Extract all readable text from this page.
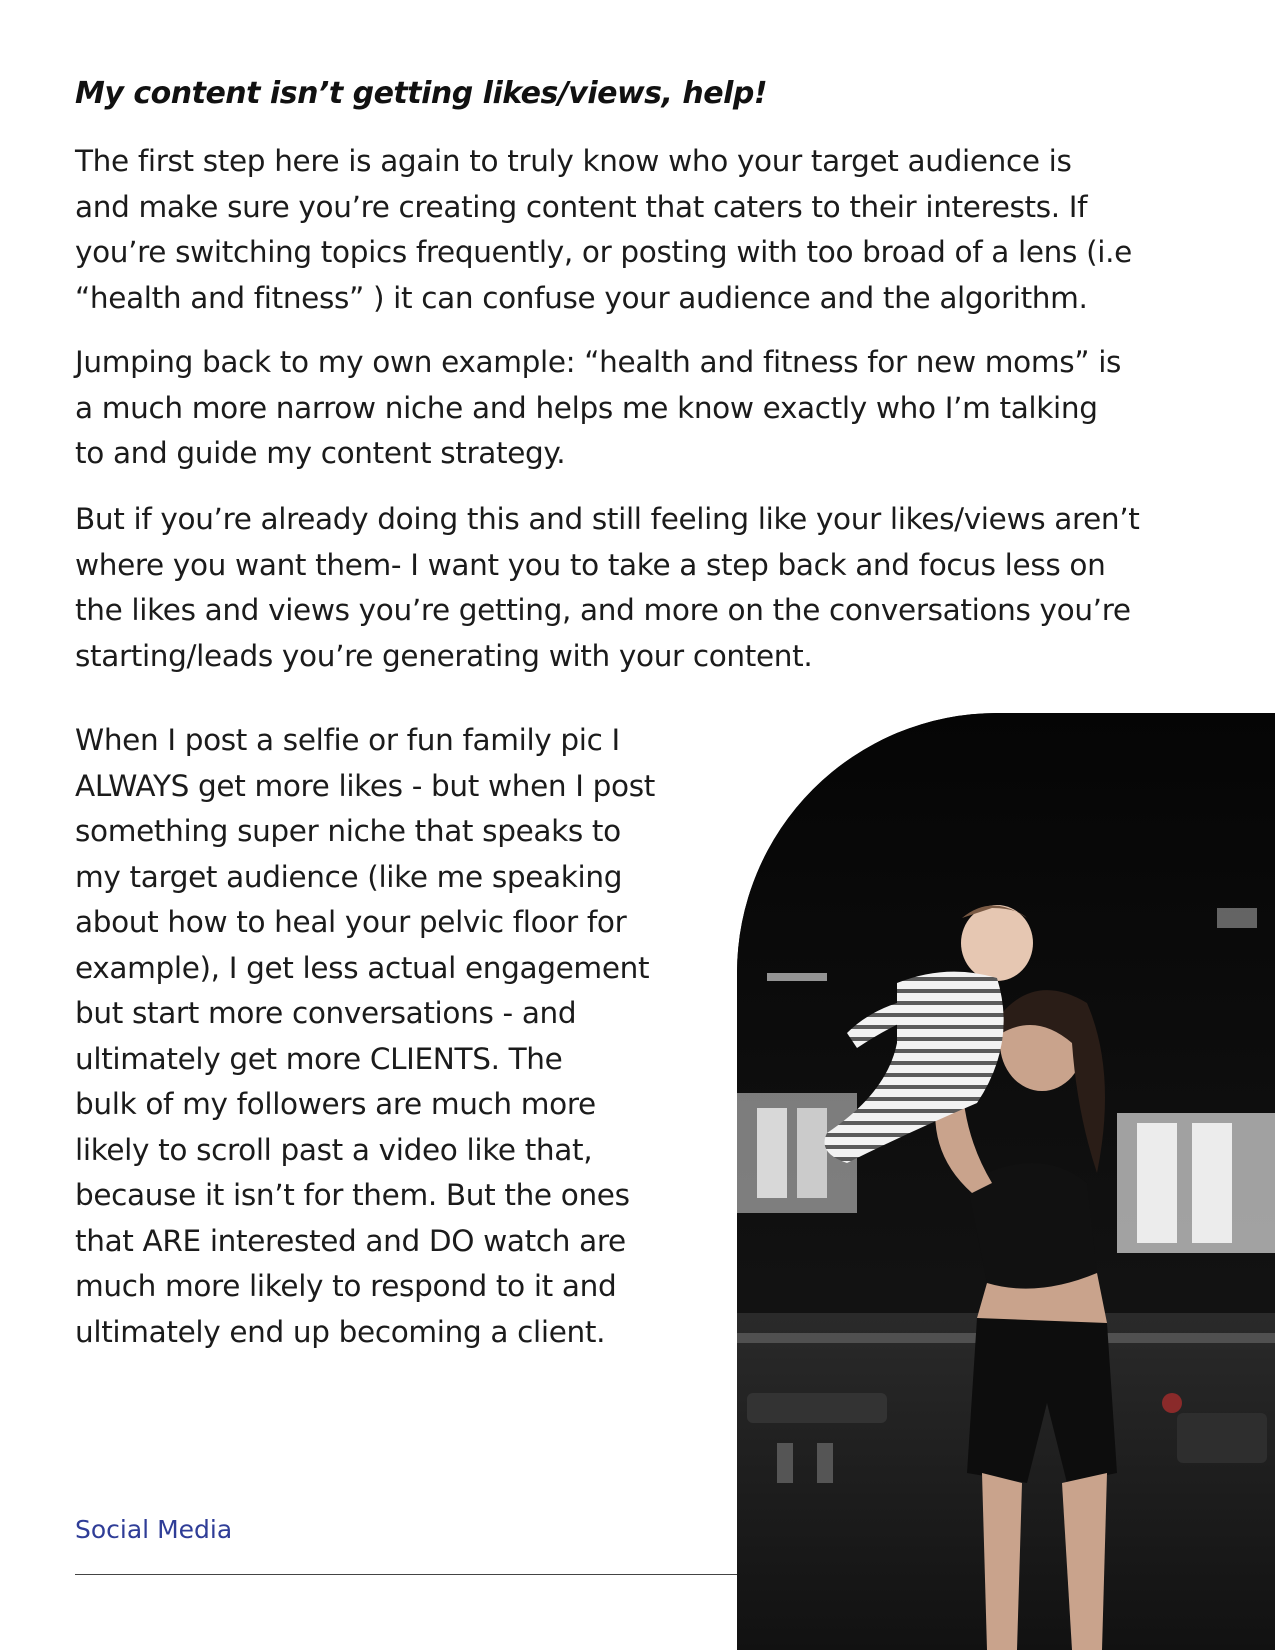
My content isn’t getting likes/views, help!

The first step here is again to truly know who your target audience is
and make sure you’re creating content that caters to their interests. If
you’re switching topics frequently, or posting with too broad of a lens (i.e
“health and fitness” ) it can confuse your audience and the algorithm.

Jumping back to my own example: “health and fitness for new moms” is
a much more narrow niche and helps me know exactly who I’m talking
to and guide my content strategy.

But if you’re already doing this and still feeling like your likes/views aren’t
where you want them- I want you to take a step back and focus less on
the likes and views you’re getting, and more on the conversations you’re
starting/leads you’re generating with your content.

When I post a selfie or fun family pic I
ALWAYS get more likes - but when I post
something super niche that speaks to
my target audience (like me speaking
about how to heal your pelvic floor for
example), I get less actual engagement
but start more conversations - and
ultimately get more CLIENTS. The
bulk of my followers are much more
likely to scroll past a video like that,
because it isn’t for them. But the ones
that ARE interested and DO watch are
much more likely to respond to it and
ultimately end up becoming a client.

Social Media
